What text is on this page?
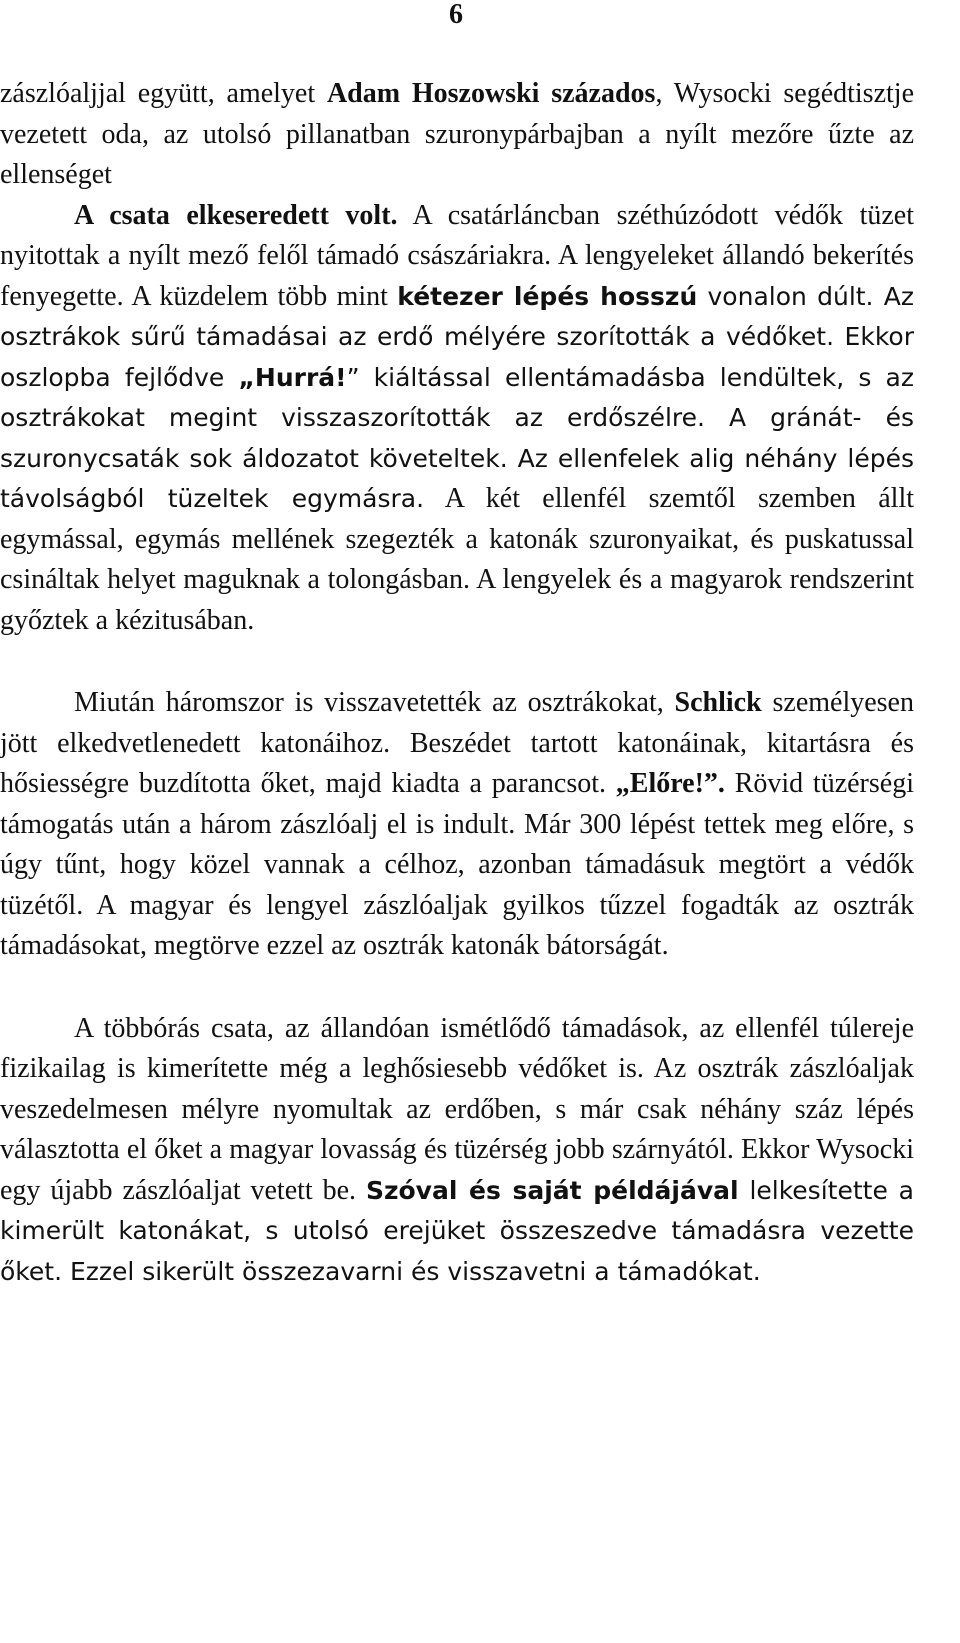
6

zászlóaljjal együtt, amelyet Adam Hoszowski százados, Wysocki segédtisztje vezetett oda, az utolsó pillanatban szuronypárbajban a nyílt mezőre űzte az ellenséget

A csata elkeseredett volt. A csatárláncban széthúzódott védők tüzet nyitottak a nyílt mező felől támadó császáriakra. A lengyeleket állandó bekerítés fenyegette. A küzdelem több mint kétezer lépés hosszú vonalon dúlt. Az osztrákok sűrű támadásai az erdő mélyére szorították a védőket. Ekkor oszlopba fejlődve „Hurrá!” kiáltással ellentámadásba lendültek, s az osztrákokat megint visszaszorították az erdőszélre. A gránát- és szuronycsaták sok áldozatot követeltek. Az ellenfelek alig néhány lépés távolságból tüzeltek egymásra. A két ellenfél szemtől szemben állt egymással, egymás mellének szegezték a katonák szuronyaikat, és puskatussal csináltak helyet maguknak a tolongásban. A lengyelek és a magyarok rendszerint győztek a kézitusában.

Miután háromszor is visszavetették az osztrákokat, Schlick személyesen jött elkedvetlenedett katonáihoz. Beszédet tartott katonáinak, kitartásra és hősiességre buzdította őket, majd kiadta a parancsot. „Előre!”. Rövid tüzérségi támogatás után a három zászlóalj el is indult. Már 300 lépést tettek meg előre, s úgy tűnt, hogy közel vannak a célhoz, azonban támadásuk megtört a védők tüzétől. A magyar és lengyel zászlóaljak gyilkos tűzzel fogadták az osztrák támadásokat, megtörve ezzel az osztrák katonák bátorságát.

A többórás csata, az állandóan ismétlődő támadások, az ellenfél túlereje fizikailag is kimerítette még a leghősiesebb védőket is. Az osztrák zászlóaljak veszedelmesen mélyre nyomultak az erdőben, s már csak néhány száz lépés választotta el őket a magyar lovasság és tüzérség jobb szárnyától. Ekkor Wysocki egy újabb zászlóaljat vetett be. Szóval és saját példájával lelkesítette a kimerült katonákat, s utolsó erejüket összeszedve támadásra vezette őket. Ezzel sikerült összezavarni és visszavetni a támadókat.
